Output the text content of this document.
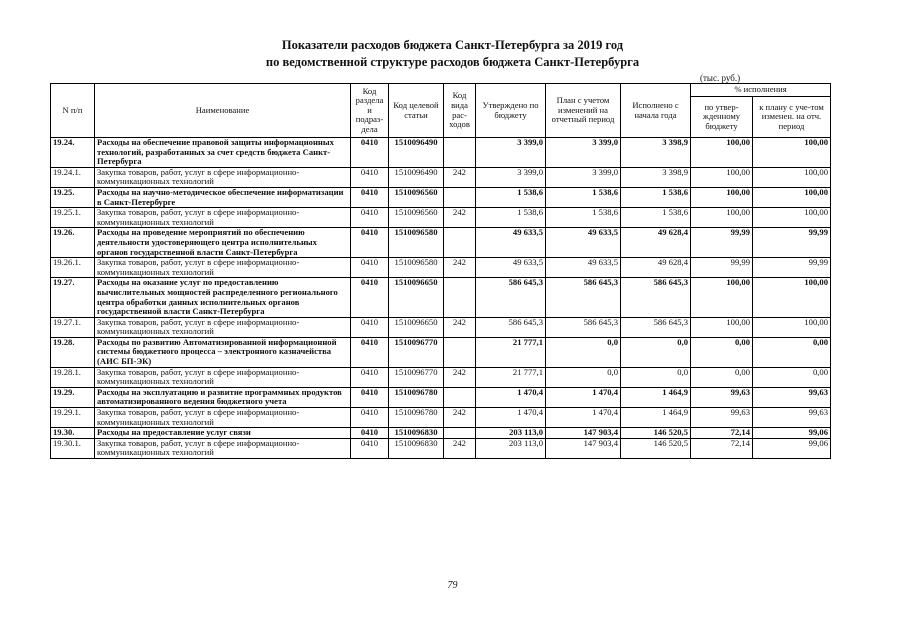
Показатели расходов бюджета Санкт-Петербурга за 2019 год
по ведомственной структуре расходов бюджета Санкт-Петербурга
(тыс. руб.)
N п/п	Наименование	Код раздела и подраз-дела	Код целевой статьи	Код вида рас-ходов	Утверждено по бюджету	План с учетом изменений на отчетный период	Исполнено с начала года	% исполнения	
								по утвер-жденному бюджету	к плану с уче-том изменен. на отч. период
19.24.	Расходы на обеспечение правовой защиты информационных технологий, разработанных за счет средств бюджета Санкт-Петербурга	0410	1510096490		3 399,0	3 399,0	3 398,9	100,00	100,00
19.24.1.	Закупка товаров, работ, услуг в сфере информационно-коммуникационных технологий	0410	1510096490	242	3 399,0	3 399,0	3 398,9	100,00	100,00
19.25.	Расходы на научно-методическое обеспечение информатизации в Санкт-Петербурге	0410	1510096560		1 538,6	1 538,6	1 538,6	100,00	100,00
19.25.1.	Закупка товаров, работ, услуг в сфере информационно-коммуникационных технологий	0410	1510096560	242	1 538,6	1 538,6	1 538,6	100,00	100,00
19.26.	Расходы на проведение мероприятий по обеспечению деятельности удостоверяющего центра исполнительных органов государственной власти Санкт-Петербурга	0410	1510096580		49 633,5	49 633,5	49 628,4	99,99	99,99
19.26.1.	Закупка товаров, работ, услуг в сфере информационно-коммуникационных технологий	0410	1510096580	242	49 633,5	49 633,5	49 628,4	99,99	99,99
19.27.	Расходы на оказание услуг по предоставлению вычислительных мощностей распределенного регионального центра обработки данных исполнительных органов государственной власти Санкт-Петербурга	0410	1510096650		586 645,3	586 645,3	586 645,3	100,00	100,00
19.27.1.	Закупка товаров, работ, услуг в сфере информационно-коммуникационных технологий	0410	1510096650	242	586 645,3	586 645,3	586 645,3	100,00	100,00
19.28.	Расходы по развитию Автоматизированной информационной системы бюджетного процесса – электронного казначейства (АИС БП-ЭК)	0410	1510096770		21 777,1	0,0	0,0	0,00	0,00
19.28.1.	Закупка товаров, работ, услуг в сфере информационно-коммуникационных технологий	0410	1510096770	242	21 777,1	0,0	0,0	0,00	0,00
19.29.	Расходы на эксплуатацию и развитие программных продуктов автоматизированного ведения бюджетного учета	0410	1510096780		1 470,4	1 470,4	1 464,9	99,63	99,63
19.29.1.	Закупка товаров, работ, услуг в сфере информационно-коммуникационных технологий	0410	1510096780	242	1 470,4	1 470,4	1 464,9	99,63	99,63
19.30.	Расходы на предоставление услуг связи	0410	1510096830		203 113,0	147 903,4	146 520,5	72,14	99,06
19.30.1.	Закупка товаров, работ, услуг в сфере информационно-коммуникационных технологий	0410	1510096830	242	203 113,0	147 903,4	146 520,5	72,14	99,06
79
